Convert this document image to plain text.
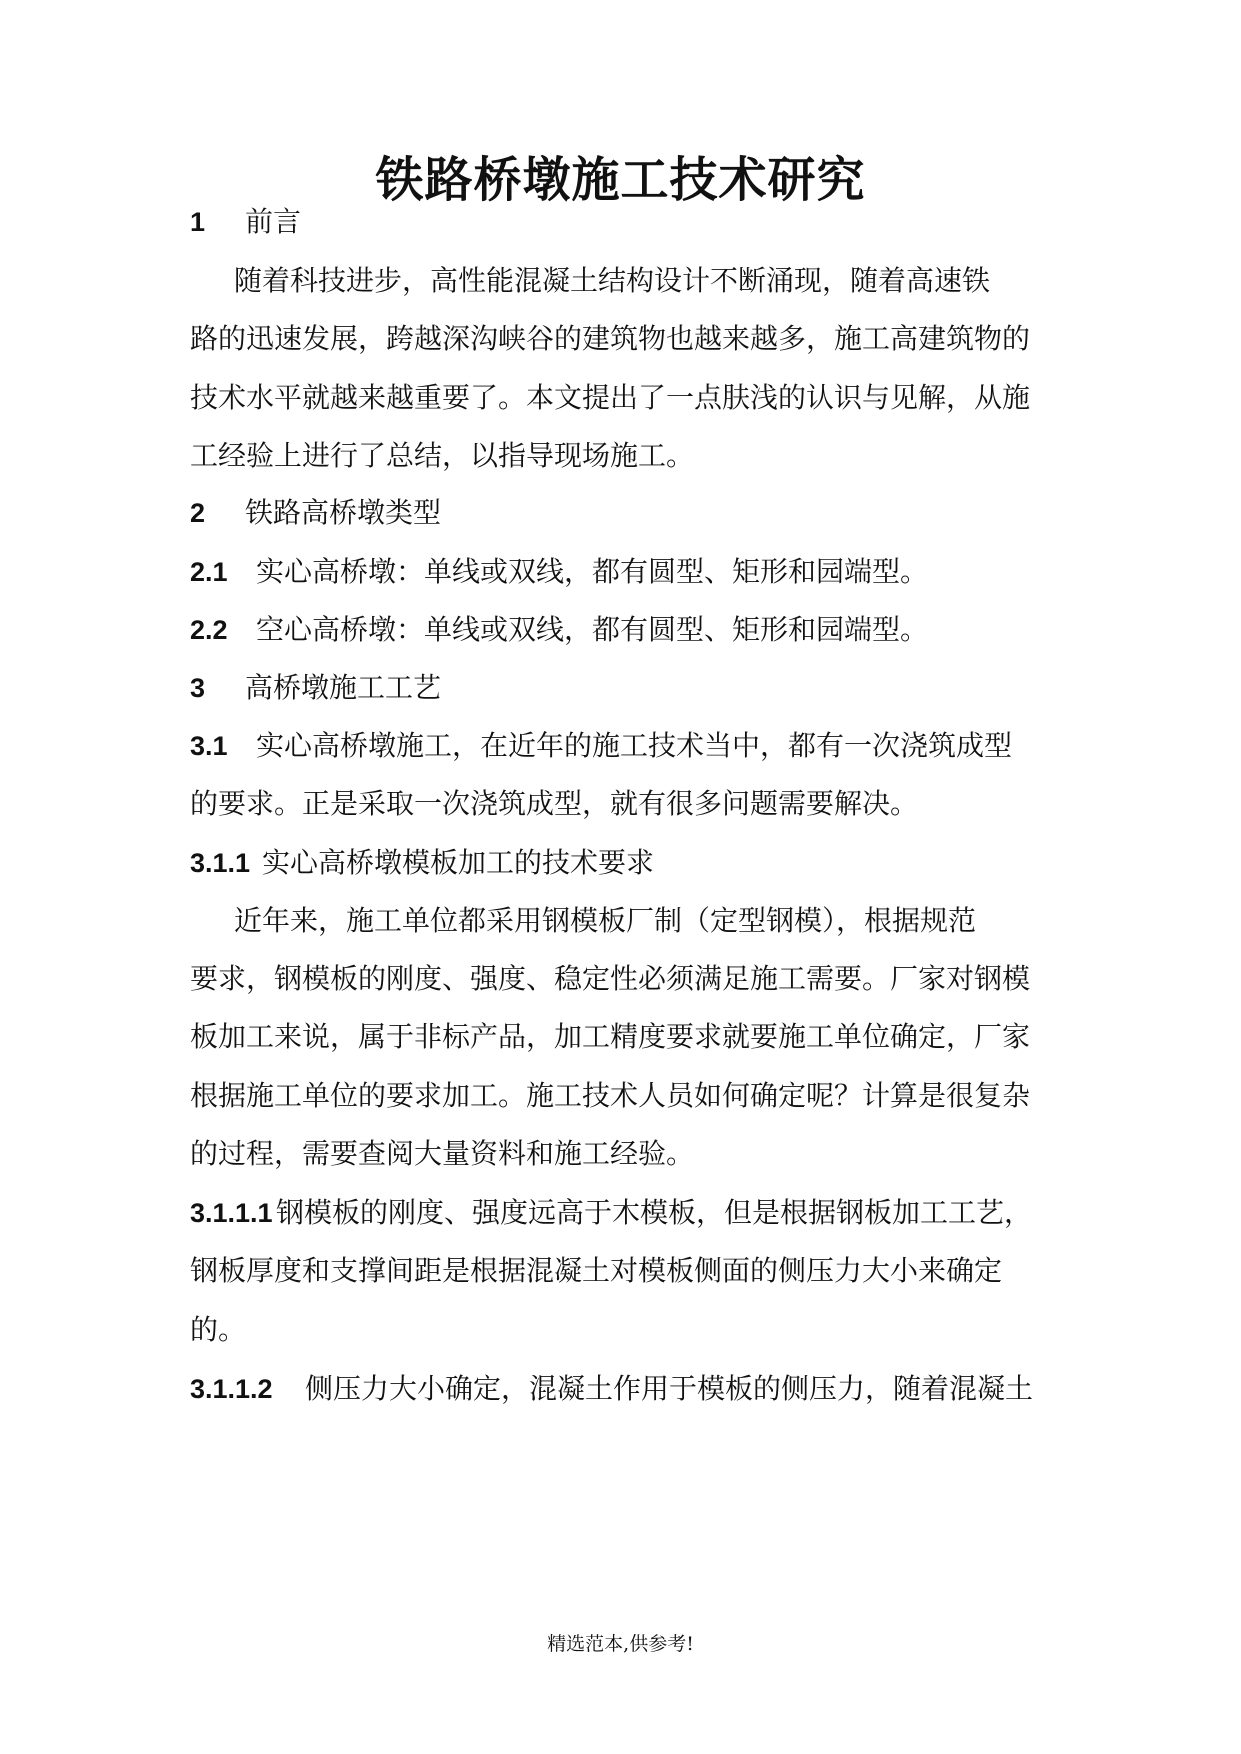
铁路桥墩施工技术研究
1 前言
随着科技进步，高性能混凝土结构设计不断涌现，随着高速铁
路的迅速发展，跨越深沟峡谷的建筑物也越来越多，施工高建筑物的
技术水平就越来越重要了。本文提出了一点肤浅的认识与见解，从施
工经验上进行了总结，以指导现场施工。
2 铁路高桥墩类型
2.1 实心高桥墩：单线或双线，都有圆型、矩形和园端型。
2.2 空心高桥墩：单线或双线，都有圆型、矩形和园端型。
3 高桥墩施工工艺
3.1 实心高桥墩施工，在近年的施工技术当中，都有一次浇筑成型
的要求。正是采取一次浇筑成型，就有很多问题需要解决。
3.1.1 实心高桥墩模板加工的技术要求
近年来，施工单位都采用钢模板厂制（定型钢模），根据规范
要求，钢模板的刚度、强度、稳定性必须满足施工需要。厂家对钢模
板加工来说，属于非标产品，加工精度要求就要施工单位确定，厂家
根据施工单位的要求加工。施工技术人员如何确定呢？计算是很复杂
的过程，需要查阅大量资料和施工经验。
3.1.1.1 钢模板的刚度、强度远高于木模板，但是根据钢板加工工艺，
钢板厚度和支撑间距是根据混凝土对模板侧面的侧压力大小来确定
的。
3.1.1.2 侧压力大小确定，混凝土作用于模板的侧压力，随着混凝土
精选范本,供参考!
